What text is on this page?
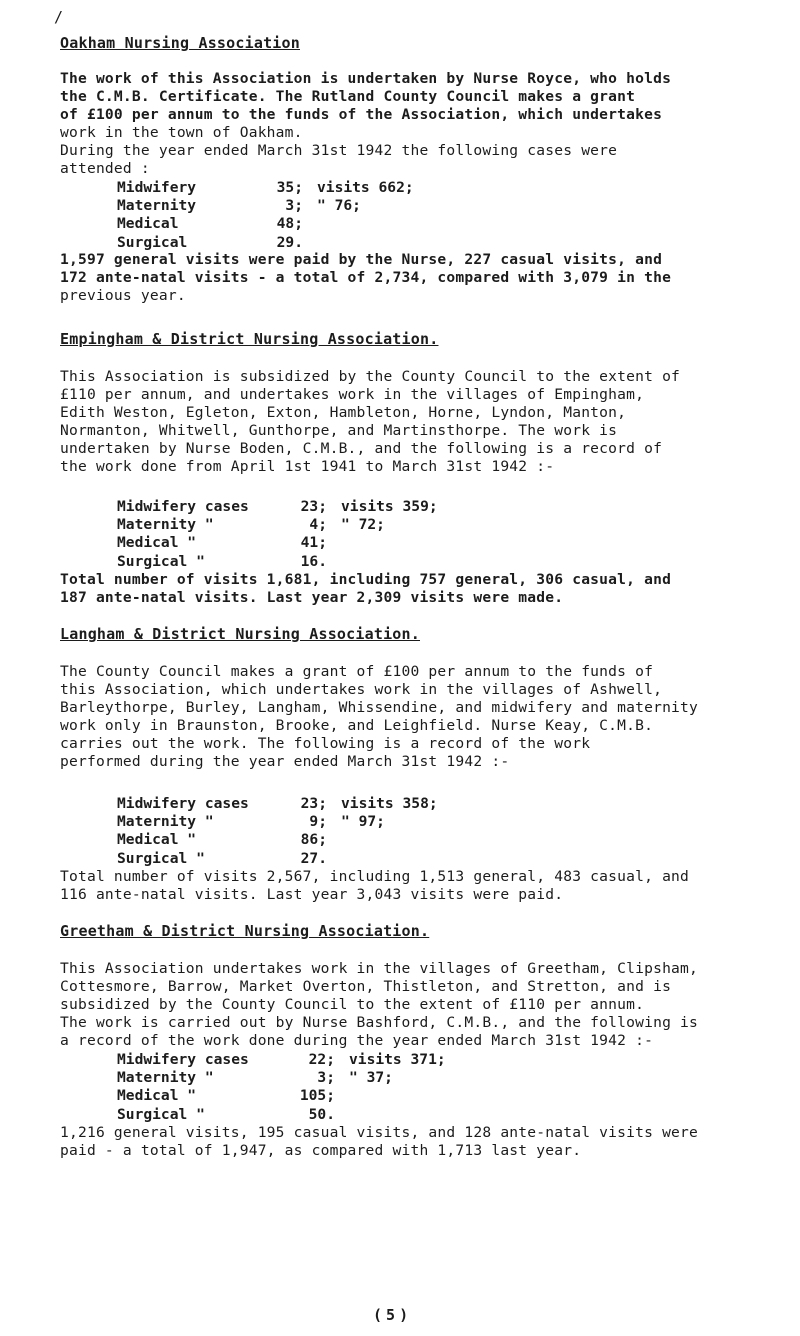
/
Oakham Nursing Association
The work of this Association is undertaken by Nurse Royce, who holds
the C.M.B. Certificate. The Rutland County Council makes a grant
of £100 per annum to the funds of the Association, which undertakes
work in the town of Oakham.
During the year ended March 31st 1942 the following cases were
attended :
Midwifery	35; visits 662;
Maternity	3; " 76;
Medical	48;
Surgical	29.
1,597 general visits were paid by the Nurse, 227 casual visits, and
172 ante-natal visits - a total of 2,734, compared with 3,079 in the
previous year.
Empingham & District Nursing Association.
This Association is subsidized by the County Council to the extent of
£110 per annum, and undertakes work in the villages of Empingham,
Edith Weston, Egleton, Exton, Hambleton, Horne, Lyndon, Manton,
Normanton, Whitwell, Gunthorpe, and Martinsthorpe. The work is
undertaken by Nurse Boden, C.M.B., and the following is a record of
the work done from April 1st 1941 to March 31st 1942 :-
Midwifery cases	23; visits 359;
Maternity "	4; " 72;
Medical "	41;
Surgical "	16.
Total number of visits 1,681, including 757 general, 306 casual, and
187 ante-natal visits. Last year 2,309 visits were made.
Langham & District Nursing Association.
The County Council makes a grant of £100 per annum to the funds of
this Association, which undertakes work in the villages of Ashwell,
Barleythorpe, Burley, Langham, Whissendine, and midwifery and maternity
work only in Braunston, Brooke, and Leighfield. Nurse Keay, C.M.B.
carries out the work. The following is a record of the work
performed during the year ended March 31st 1942 :-
Midwifery cases	23; visits 358;
Maternity "	9; " 97;
Medical "	86;
Surgical "	27.
Total number of visits 2,567, including 1,513 general, 483 casual, and
116 ante-natal visits. Last year 3,043 visits were paid.
Greetham & District Nursing Association.
This Association undertakes work in the villages of Greetham, Clipsham,
Cottesmore, Barrow, Market Overton, Thistleton, and Stretton, and is
subsidized by the County Council to the extent of £110 per annum.
The work is carried out by Nurse Bashford, C.M.B., and the following is
a record of the work done during the year ended March 31st 1942 :-
Midwifery cases	22; visits 371;
Maternity "	3; " 37;
Medical "	105;
Surgical "	50.
1,216 general visits, 195 casual visits, and 128 ante-natal visits were
paid - a total of 1,947, as compared with 1,713 last year.
( 5 )
